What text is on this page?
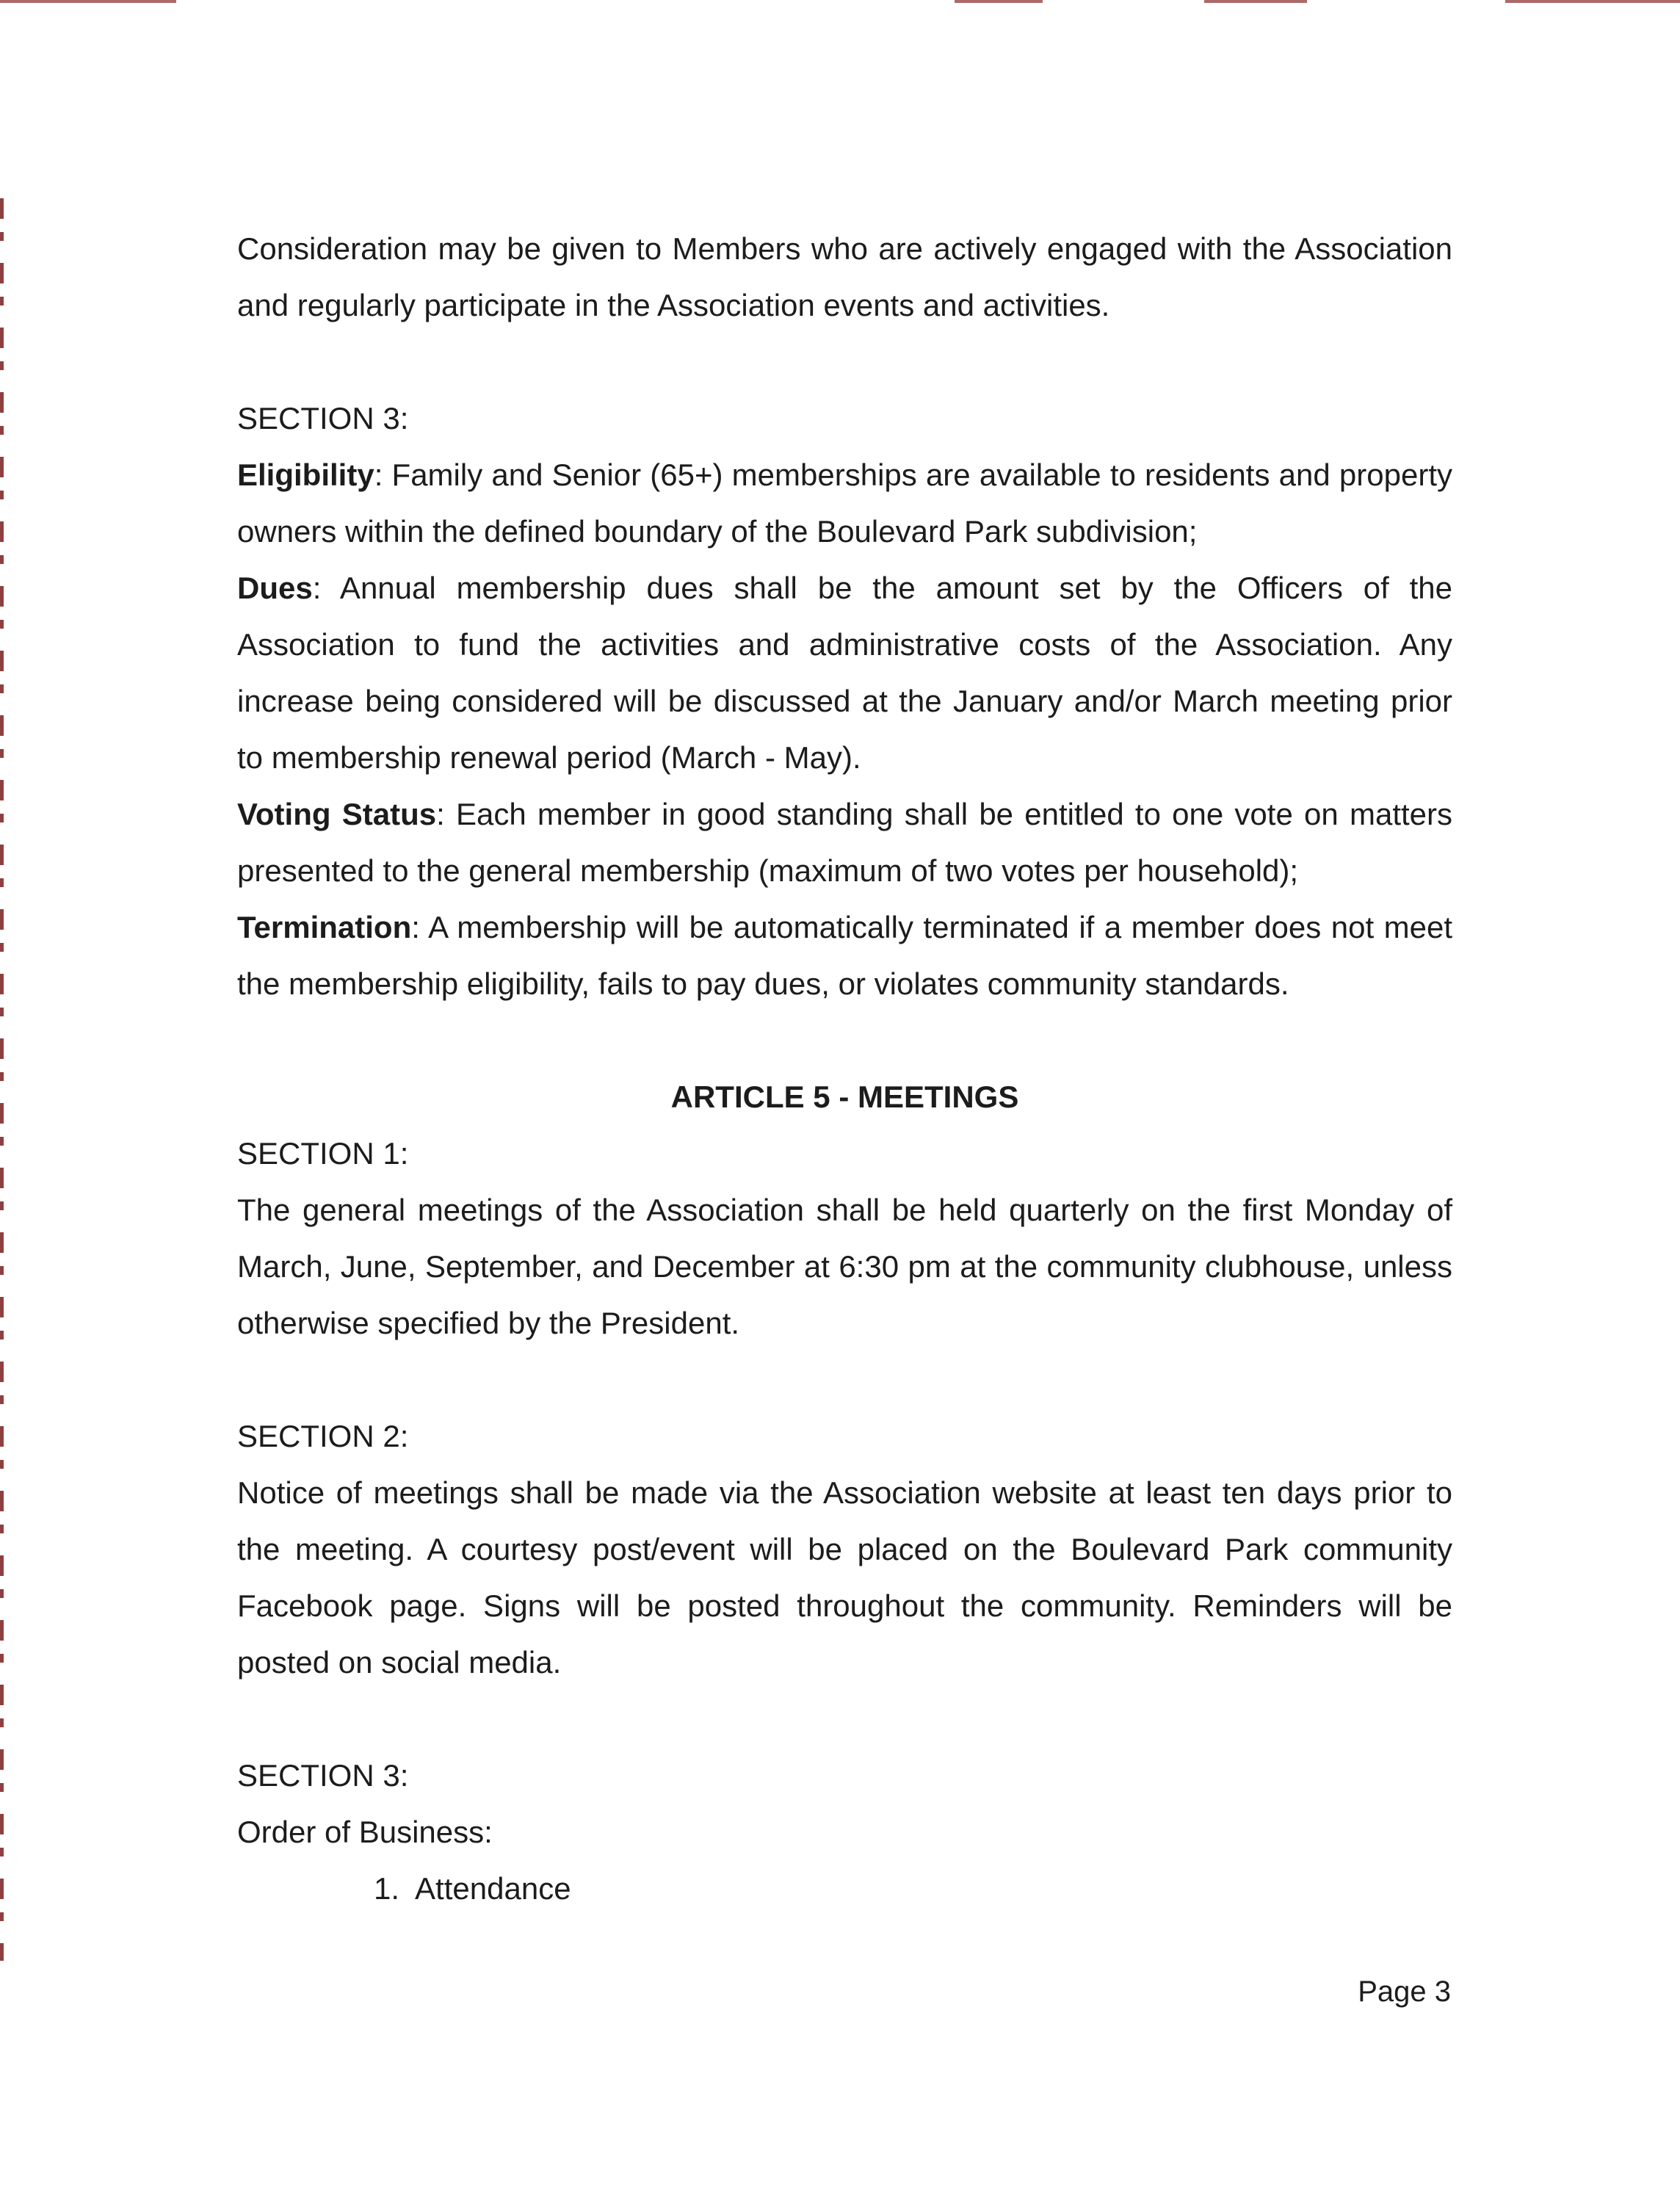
Consideration may be given to Members who are actively engaged with the Association and regularly participate in the Association events and activities.

SECTION 3:

Eligibility: Family and Senior (65+) memberships are available to residents and property owners within the defined boundary of the Boulevard Park subdivision;

Dues: Annual membership dues shall be the amount set by the Officers of the Association to fund the activities and administrative costs of the Association. Any increase being considered will be discussed at the January and/or March meeting prior to membership renewal period (March - May).

Voting Status: Each member in good standing shall be entitled to one vote on matters presented to the general membership (maximum of two votes per household);

Termination: A membership will be automatically terminated if a member does not meet the membership eligibility, fails to pay dues, or violates community standards.

ARTICLE 5 - MEETINGS

SECTION 1:

The general meetings of the Association shall be held quarterly on the first Monday of March, June, September, and December at 6:30 pm at the community clubhouse, unless otherwise specified by the President.

SECTION 2:

Notice of meetings shall be made via the Association website at least ten days prior to the meeting. A courtesy post/event will be placed on the Boulevard Park community Facebook page. Signs will be posted throughout the community. Reminders will be posted on social media.

SECTION 3:

Order of Business:

1.  Attendance

Page 3
